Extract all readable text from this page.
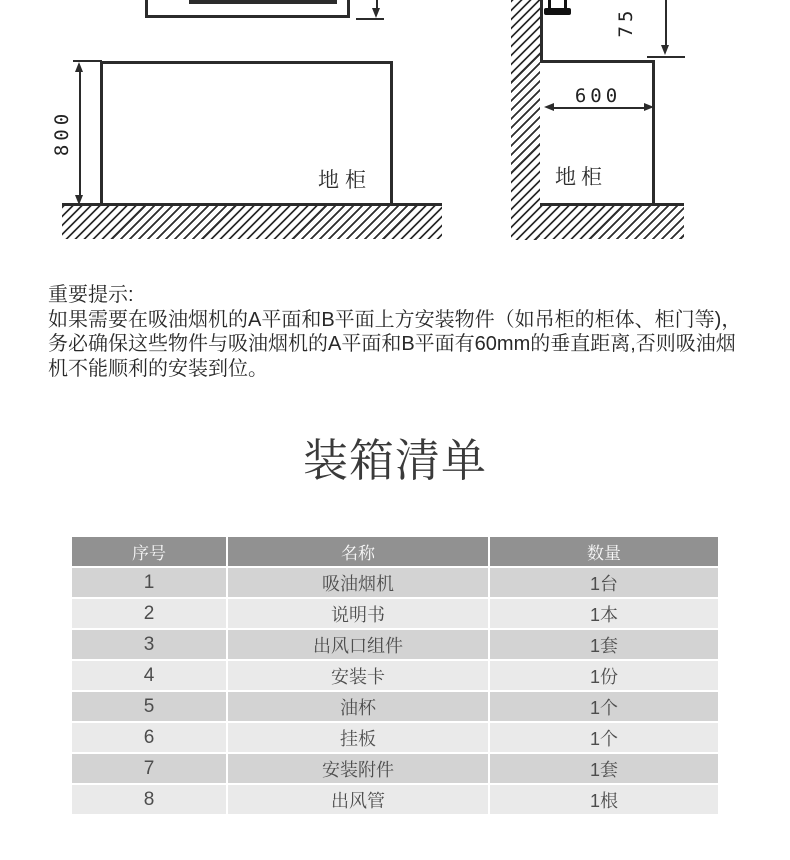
地柜
800
75
600
地柜
重要提示:
如果需要在吸油烟机的A平面和B平面上方安装物件（如吊柜的柜体、柜门等)，
务必确保这些物件与吸油烟机的A平面和B平面有60mm的垂直距离,否则吸油烟
机不能顺利的安装到位。
装箱清单
序号	名称	数量
1	吸油烟机	1台
2	说明书	1本
3	出风口组件	1套
4	安装卡	1份
5	油杯	1个
6	挂板	1个
7	安装附件	1套
8	出风管	1根
